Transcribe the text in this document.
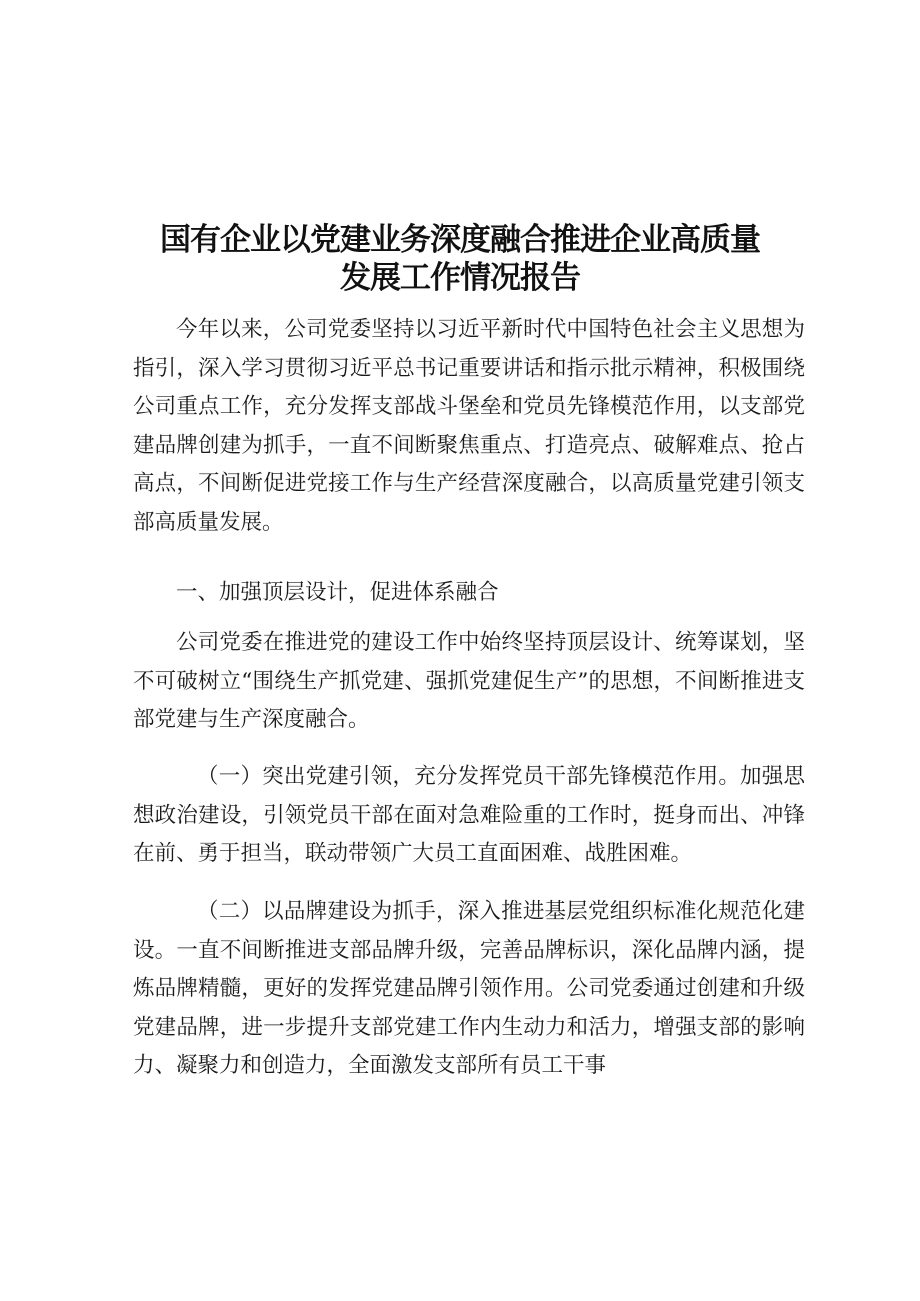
国有企业以党建业务深度融合推进企业高质量
发展工作情况报告

今年以来，公司党委坚持以习近平新时代中国特色社会主义思想为指引，深入学习贯彻习近平总书记重要讲话和指示批示精神，积极围绕公司重点工作，充分发挥支部战斗堡垒和党员先锋模范作用，以支部党建品牌创建为抓手，一直不间断聚焦重点、打造亮点、破解难点、抢占高点，不间断促进党接工作与生产经营深度融合，以高质量党建引领支部高质量发展。

一、加强顶层设计，促进体系融合

公司党委在推进党的建设工作中始终坚持顶层设计、统筹谋划，坚不可破树立“围绕生产抓党建、强抓党建促生产”的思想，不间断推进支部党建与生产深度融合。

（一）突出党建引领，充分发挥党员干部先锋模范作用。加强思想政治建设，引领党员干部在面对急难险重的工作时，挺身而出、冲锋在前、勇于担当，联动带领广大员工直面困难、战胜困难。

（二）以品牌建设为抓手，深入推进基层党组织标准化规范化建设。一直不间断推进支部品牌升级，完善品牌标识，深化品牌内涵，提炼品牌精髓，更好的发挥党建品牌引领作用。公司党委通过创建和升级党建品牌，进一步提升支部党建工作内生动力和活力，增强支部的影响力、凝聚力和创造力，全面激发支部所有员工干事
